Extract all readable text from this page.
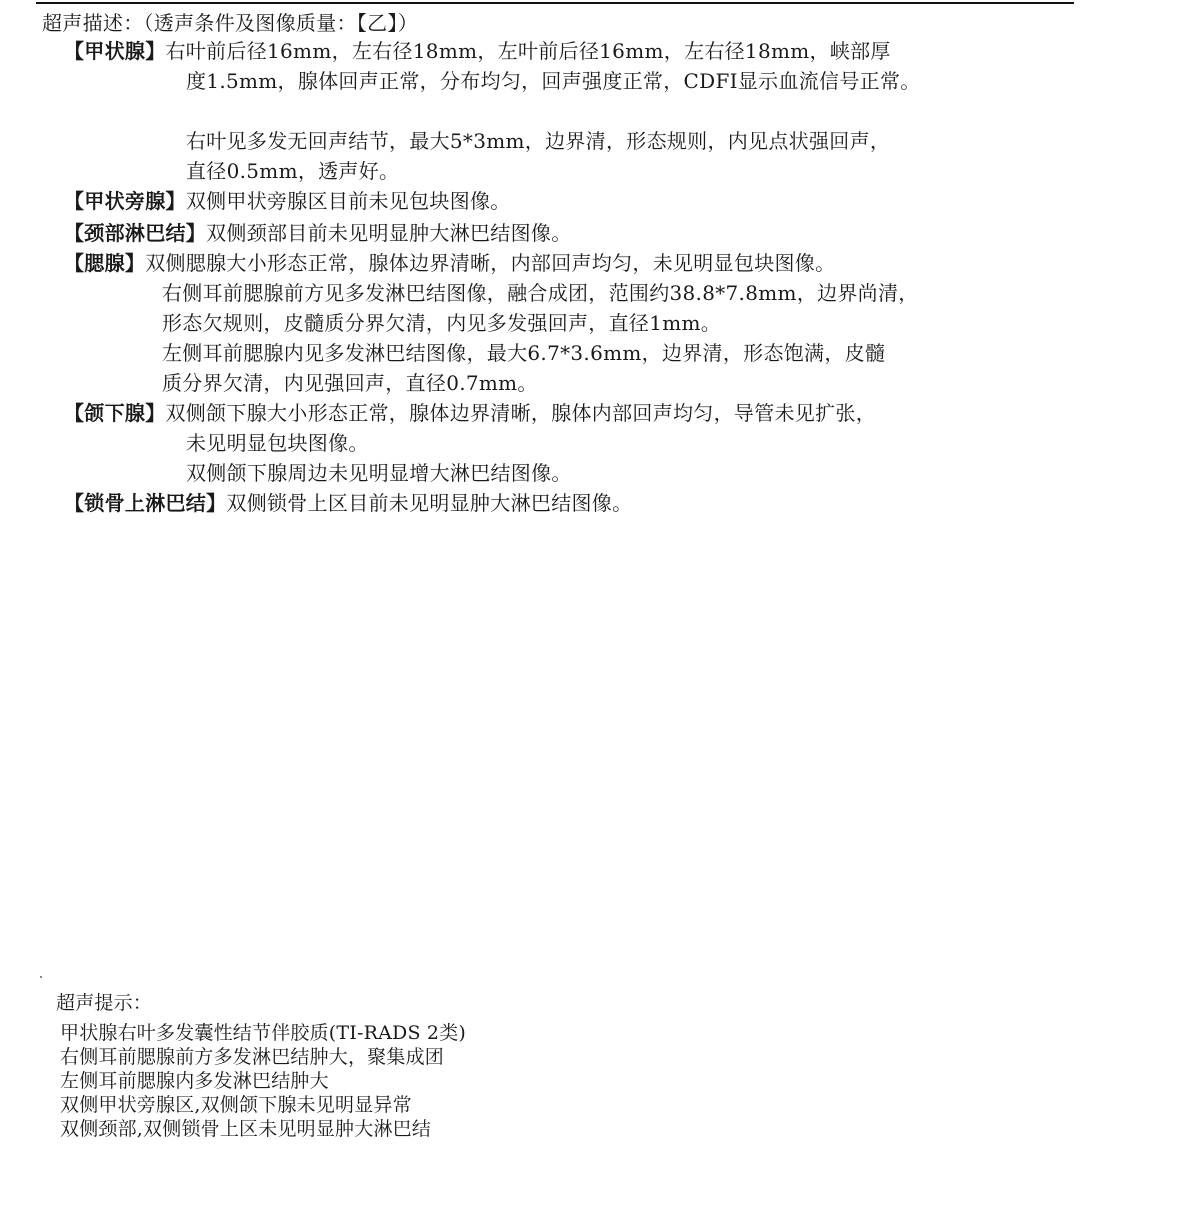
超声描述：（透声条件及图像质量：【乙】）
【甲状腺】右叶前后径16mm，左右径18mm，左叶前后径16mm，左右径18mm，峡部厚
度1.5mm，腺体回声正常，分布均匀，回声强度正常，CDFI显示血流信号正常。
右叶见多发无回声结节，最大5*3mm，边界清，形态规则，内见点状强回声，
直径0.5mm，透声好。
【甲状旁腺】双侧甲状旁腺区目前未见包块图像。
【颈部淋巴结】双侧颈部目前未见明显肿大淋巴结图像。
【腮腺】双侧腮腺大小形态正常，腺体边界清晰，内部回声均匀，未见明显包块图像。
右侧耳前腮腺前方见多发淋巴结图像，融合成团，范围约38.8*7.8mm，边界尚清，
形态欠规则，皮髓质分界欠清，内见多发强回声，直径1mm。
左侧耳前腮腺内见多发淋巴结图像，最大6.7*3.6mm，边界清，形态饱满，皮髓
质分界欠清，内见强回声，直径0.7mm。
【颌下腺】双侧颌下腺大小形态正常，腺体边界清晰，腺体内部回声均匀，导管未见扩张，
未见明显包块图像。
双侧颌下腺周边未见明显增大淋巴结图像。
【锁骨上淋巴结】双侧锁骨上区目前未见明显肿大淋巴结图像。
超声提示：
甲状腺右叶多发囊性结节伴胶质(TI-RADS 2类)
右侧耳前腮腺前方多发淋巴结肿大，聚集成团
左侧耳前腮腺内多发淋巴结肿大
双侧甲状旁腺区,双侧颌下腺未见明显异常
双侧颈部,双侧锁骨上区未见明显肿大淋巴结
